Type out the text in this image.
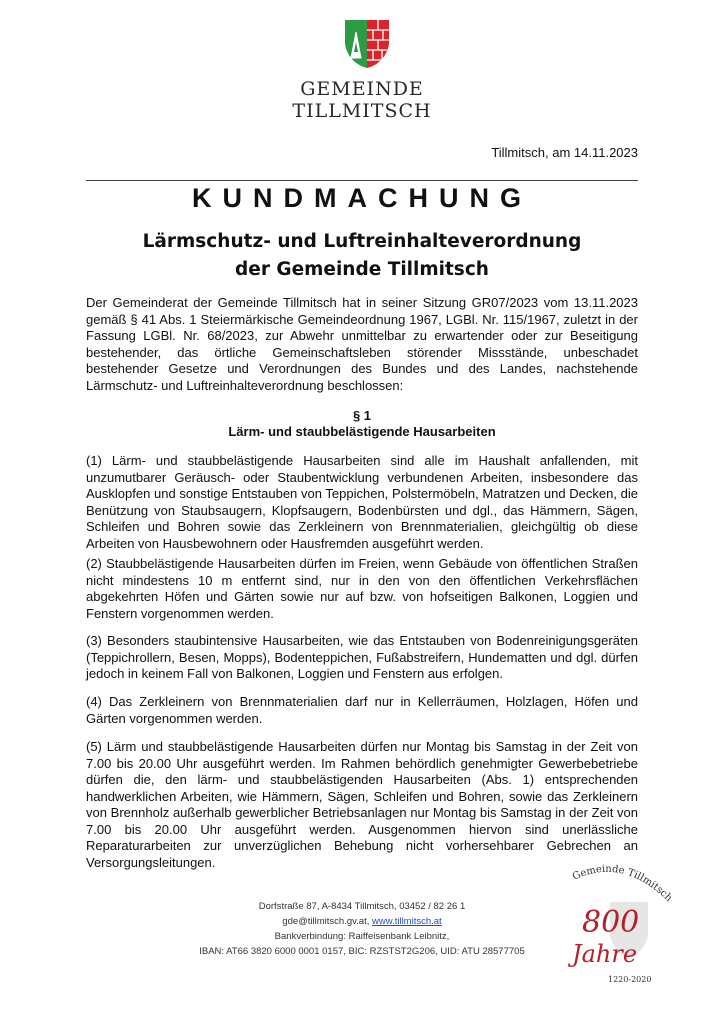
GEMEINDE
TILLMITSCH
Tillmitsch, am 14.11.2023
KUNDMACHUNG
Lärmschutz- und Luftreinhalteverordnung
der Gemeinde Tillmitsch
Der Gemeinderat der Gemeinde Tillmitsch hat in seiner Sitzung GR07/2023 vom 13.11.2023 gemäß § 41 Abs. 1 Steiermärkische Gemeindeordnung 1967, LGBl. Nr. 115/1967, zuletzt in der Fassung LGBl. Nr. 68/2023, zur Abwehr unmittelbar zu erwartender oder zur Beseitigung bestehender, das örtliche Gemeinschaftsleben störender Missstände, unbeschadet bestehender Gesetze und Verordnungen des Bundes und des Landes, nachstehende Lärmschutz- und Luftreinhalteverordnung beschlossen:
§ 1
Lärm- und staubbelästigende Hausarbeiten
(1) Lärm- und staubbelästigende Hausarbeiten sind alle im Haushalt anfallenden, mit unzumutbarer Geräusch- oder Staubentwicklung verbundenen Arbeiten, insbesondere das Ausklopfen und sonstige Entstauben von Teppichen, Polstermöbeln, Matratzen und Decken, die Benützung von Staubsaugern, Klopfsaugern, Bodenbürsten und dgl., das Hämmern, Sägen, Schleifen und Bohren sowie das Zerkleinern von Brennmaterialien, gleichgültig ob diese Arbeiten von Hausbewohnern oder Hausfremden ausgeführt werden.
(2) Staubbelästigende Hausarbeiten dürfen im Freien, wenn Gebäude von öffentlichen Straßen nicht mindestens 10 m entfernt sind, nur in den von den öffentlichen Verkehrsflächen abgekehrten Höfen und Gärten sowie nur auf bzw. von hofseitigen Balkonen, Loggien und Fenstern vorgenommen werden.
(3) Besonders staubintensive Hausarbeiten, wie das Entstauben von Bodenreinigungsgeräten (Teppichrollern, Besen, Mopps), Bodenteppichen, Fußabstreifern, Hundematten und dgl. dürfen jedoch in keinem Fall von Balkonen, Loggien und Fenstern aus erfolgen.
(4) Das Zerkleinern von Brennmaterialien darf nur in Kellerräumen, Holzlagen, Höfen und Gärten vorgenommen werden.
(5) Lärm und staubbelästigende Hausarbeiten dürfen nur Montag bis Samstag in der Zeit von 7.00 bis 20.00 Uhr ausgeführt werden. Im Rahmen behördlich genehmigter Gewerbebetriebe dürfen die, den lärm- und staubbelästigenden Hausarbeiten (Abs. 1) entsprechenden handwerklichen Arbeiten, wie Hämmern, Sägen, Schleifen und Bohren, sowie das Zerkleinern von Brennholz außerhalb gewerblicher Betriebsanlagen nur Montag bis Samstag in der Zeit von 7.00 bis 20.00 Uhr ausgeführt werden. Ausgenommen hiervon sind unerlässliche Reparaturarbeiten zur unverzüglichen Behebung nicht vorhersehbarer Gebrechen an Versorgungsleitungen.
Dorfstraße 87, A-8434 Tillmitsch, 03452 / 82 26 1
gde@tillmitsch.gv.at, www.tillmitsch.at
Bankverbindung: Raiffeisenbank Leibnitz,
IBAN: AT66 3820 6000 0001 0157, BIC: RZSTST2G206, UID: ATU 28577705
Gemeinde Tillmitsch
800
Jahre
1220-2020
